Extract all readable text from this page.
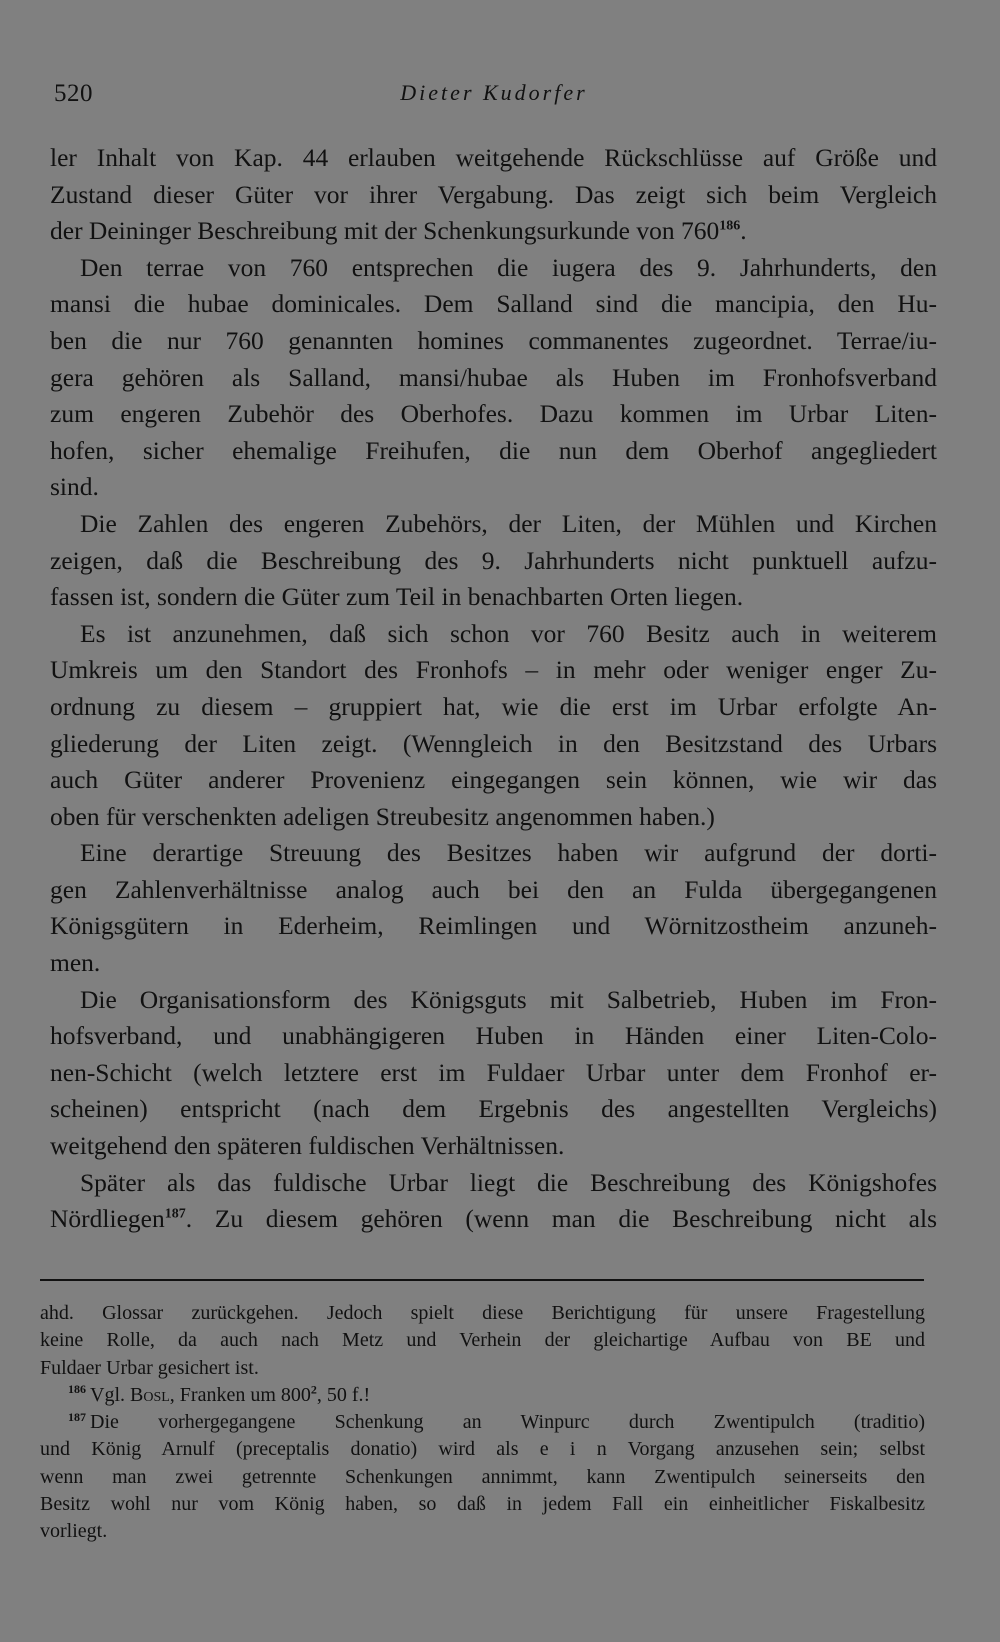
520	Dieter Kudorfer
ler Inhalt von Kap. 44 erlauben weitgehende Rückschlüsse auf Größe und
Zustand dieser Güter vor ihrer Vergabung. Das zeigt sich beim Vergleich
der Deininger Beschreibung mit der Schenkungsurkunde von $760^{186}$.
Den terrae von 760 entsprechen die iugera des 9. Jahrhunderts, den
mansi die hubae dominicales. Dem Salland sind die mancipia, den Hu-
ben die nur 760 genannten homines commanentes zugeordnet. Terrae/iu-
gera gehören als Salland, mansi/hubae als Huben im Fronhofsverband
zum engeren Zubehör des Oberhofes. Dazu kommen im Urbar Liten-
hofen, sicher ehemalige Freihufen, die nun dem Oberhof angegliedert
sind.
Die Zahlen des engeren Zubehörs, der Liten, der Mühlen und Kirchen
zeigen, daß die Beschreibung des 9. Jahrhunderts nicht punktuell aufzu-
fassen ist, sondern die Güter zum Teil in benachbarten Orten liegen.
Es ist anzunehmen, daß sich schon vor 760 Besitz auch in weiterem
Umkreis um den Standort des Fronhofs – in mehr oder weniger enger Zu-
ordnung zu diesem – gruppiert hat, wie die erst im Urbar erfolgte An-
gliederung der Liten zeigt. (Wenngleich in den Besitzstand des Urbars
auch Güter anderer Provenienz eingegangen sein können, wie wir das
oben für verschenkten adeligen Streubesitz angenommen haben.)
Eine derartige Streuung des Besitzes haben wir aufgrund der dorti-
gen Zahlenverhältnisse analog auch bei den an Fulda übergegangenen
Königsgütern in Ederheim, Reimlingen und Wörnitzostheim anzuneh-
men.
Die Organisationsform des Königsguts mit Salbetrieb, Huben im Fron-
hofsverband, und unabhängigeren Huben in Händen einer Liten-Colo-
nen-Schicht (welch letztere erst im Fuldaer Urbar unter dem Fronhof er-
scheinen) entspricht (nach dem Ergebnis des angestellten Vergleichs)
weitgehend den späteren fuldischen Verhältnissen.
Später als das fuldische Urbar liegt die Beschreibung des Königshofes
Nördliegen$^{187}$. Zu diesem gehören (wenn man die Beschreibung nicht als
ahd. Glossar zurückgehen. Jedoch spielt diese Berichtigung für unsere Fragestellung
keine Rolle, da auch nach Metz und Verhein der gleichartige Aufbau von BE und
Fuldaer Urbar gesichert ist.
$^{186}$ Vgl. Bosl, Franken um $800^2$, 50 f.!
$^{187}$ Die vorhergegangene Schenkung an Winpurc durch Zwentipulch (traditio)
und König Arnulf (preceptalis donatio) wird als e i n Vorgang anzusehen sein; selbst
wenn man zwei getrennte Schenkungen annimmt, kann Zwentipulch seinerseits den
Besitz wohl nur vom König haben, so daß in jedem Fall ein einheitlicher Fiskalbesitz
vorliegt.
